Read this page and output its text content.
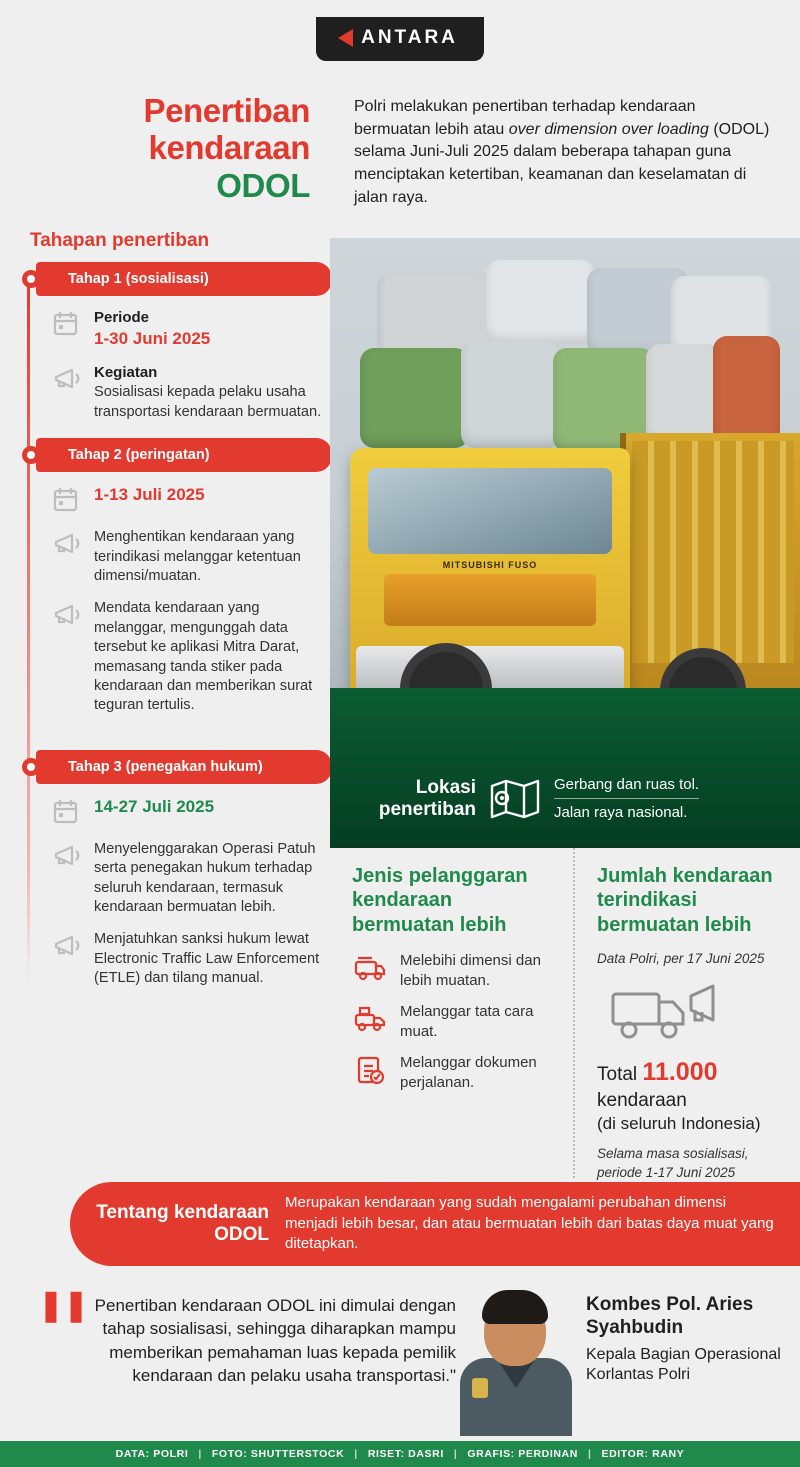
ANTARA
Penertiban
kendaraan
ODOL
Tahapan penertiban
Tahap 1 (sosialisasi)
Periode
1-30 Juni 2025
Kegiatan
Sosialisasi kepada pelaku usaha transportasi kendaraan bermuatan.
Tahap 2 (peringatan)
1-13 Juli 2025
Menghentikan kendaraan yang terindikasi melanggar ketentuan dimensi/muatan.
Mendata kendaraan yang melanggar, mengunggah data tersebut ke aplikasi Mitra Darat, memasang tanda stiker pada kendaraan dan memberikan surat teguran tertulis.
Tahap 3 (penegakan hukum)
14-27 Juli 2025
Menyelenggarakan Operasi Patuh serta penegakan hukum terhadap seluruh kendaraan, termasuk kendaraan bermuatan lebih.
Menjatuhkan sanksi hukum lewat Electronic Traffic Law Enforcement (ETLE) dan tilang manual.
Polri melakukan penertiban terhadap kendaraan bermuatan lebih atau over dimension over loading (ODOL) selama Juni-Juli 2025 dalam beberapa tahapan guna menciptakan ketertiban, keamanan dan keselamatan di jalan raya.
MITSUBISHI FUSO
Lokasi penertiban
Gerbang dan ruas tol.
Jalan raya nasional.
Jenis pelanggaran kendaraan bermuatan lebih
Melebihi dimensi dan lebih muatan.
Melanggar tata cara muat.
Melanggar dokumen perjalanan.
Jumlah kendaraan terindikasi bermuatan lebih
Data Polri, per 17 Juni 2025
Total 11.000 kendaraan
(di seluruh Indonesia)
Selama masa sosialisasi, periode 1-17 Juni 2025
Tentang kendaraan ODOL
Merupakan kendaraan yang sudah mengalami perubahan dimensi menjadi lebih besar, dan atau bermuatan lebih dari batas daya muat yang ditetapkan.
❚❚ Penertiban kendaraan ODOL ini dimulai dengan tahap sosialisasi, sehingga diharapkan mampu memberikan pemahaman luas kepada pemilik kendaraan dan pelaku usaha transportasi."
Kombes Pol. Aries Syahbudin
Kepala Bagian Operasional Korlantas Polri
DATA: POLRI | FOTO: SHUTTERSTOCK | RISET: DASRI | GRAFIS: PERDINAN | EDITOR: RANY
